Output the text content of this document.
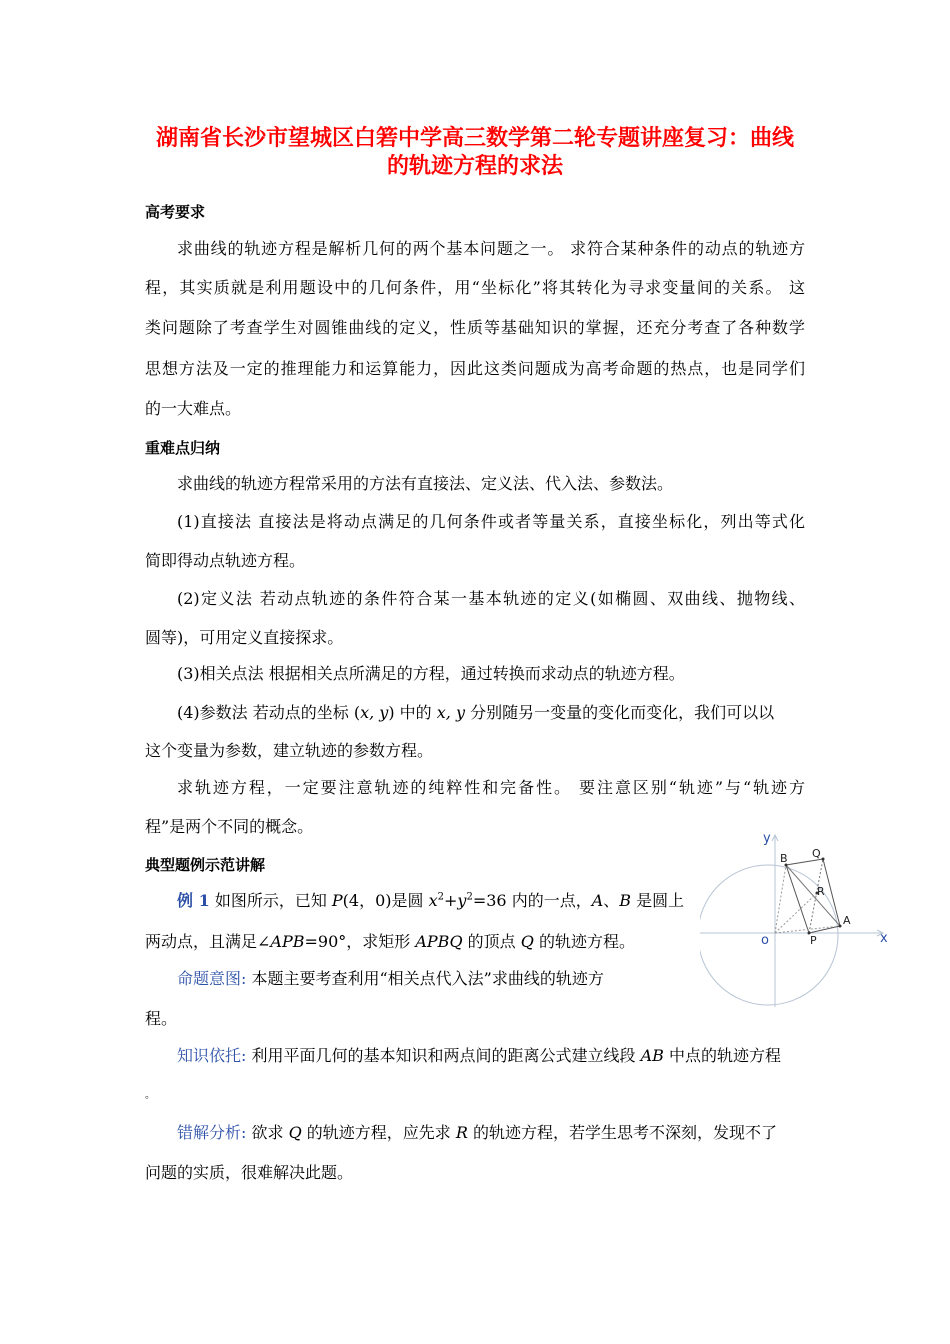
湖南省长沙市望城区白箬中学高三数学第二轮专题讲座复习：曲线
的轨迹方程的求法
高考要求
求曲线的轨迹方程是解析几何的两个基本问题之一。 求符合某种条件的动点的轨迹方
程，其实质就是利用题设中的几何条件，用“坐标化”将其转化为寻求变量间的关系。 这
类问题除了考查学生对圆锥曲线的定义，性质等基础知识的掌握，还充分考查了各种数学
思想方法及一定的推理能力和运算能力，因此这类问题成为高考命题的热点，也是同学们
的一大难点。
重难点归纳
求曲线的轨迹方程常采用的方法有直接法、定义法、代入法、参数法。
(1)直接法 直接法是将动点满足的几何条件或者等量关系，直接坐标化，列出等式化
简即得动点轨迹方程。
(2)定义法 若动点轨迹的条件符合某一基本轨迹的定义(如椭圆、双曲线、抛物线、
圆等)，可用定义直接探求。
(3)相关点法 根据相关点所满足的方程，通过转换而求动点的轨迹方程。
(4)参数法 若动点的坐标 (x, y) 中的 x, y 分别随另一变量的变化而变化，我们可以以
这个变量为参数，建立轨迹的参数方程。
求轨迹方程，一定要注意轨迹的纯粹性和完备性。 要注意区别“轨迹”与“轨迹方
程”是两个不同的概念。
典型题例示范讲解
例 1 如图所示，已知 P(4，0)是圆 $x^2+y^2=36$ 内的一点，A、B 是圆上
两动点，且满足∠APB=90°，求矩形 APBQ 的顶点 Q 的轨迹方程。
命题意图: 本题主要考查利用“相关点代入法”求曲线的轨迹方
程。
知识依托: 利用平面几何的基本知识和两点间的距离公式建立线段 AB 中点的轨迹方程
。
错解分析: 欲求 Q 的轨迹方程，应先求 R 的轨迹方程，若学生思考不深刻，发现不了
问题的实质，很难解决此题。
y
x
o
B Q
R
A
P
